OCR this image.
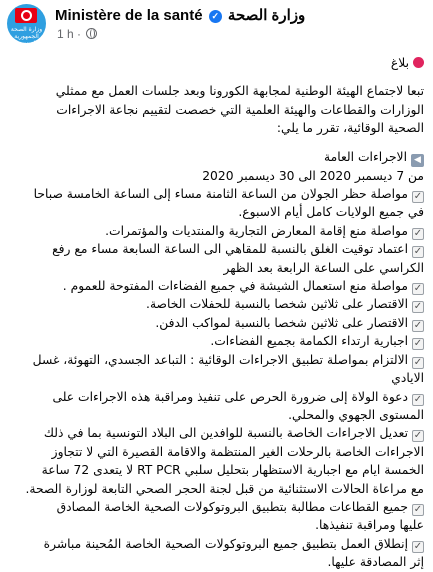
وزارة الصحة
الجمهورية التونسية
Ministère de la santé ✓ وزارة الصحة
1 h ·
بلاغ
تبعا لاجتماع الهيئة الوطنية لمجابهة الكورونا وبعد جلسات العمل مع ممثلي
الوزارات والقطاعات والهيئة العلمية التي خصصت لتقييم نجاعة الاجراءات
الصحية الوقائية، تقرر ما يلي:
◀الاجراءات العامة
من 7 ديسمبر 2020 الى 30 ديسمبر 2020
✓مواصلة حظر الجولان من الساعة الثامنة مساء إلى الساعة الخامسة صباحا
في جميع الولايات كامل أيام الاسبوع.
✓مواصلة منع إقامة المعارض التجارية والمنتديات والمؤتمرات.
✓اعتماد توقيت الغلق بالنسبة للمقاهي الى الساعة السابعة مساء مع رفع
الكراسي على الساعة الرابعة بعد الظهر
✓مواصلة منع استعمال الشيشة في جميع الفضاءات المفتوحة للعموم .
✓الاقتصار على ثلاثين شخصا بالنسبة للحفلات الخاصة.
✓الاقتصار على ثلاثين شخصا بالنسبة لمواكب الدفن.
✓اجبارية ارتداء الكمامة بجميع الفضاءات.
✓الالتزام بمواصلة تطبيق الاجراءات الوقائية : التباعد الجسدي، التهوئة، غسل
الايادي
✓دعوة الولاة إلى ضرورة الحرص على تنفيذ ومراقبة هذه الاجراءات على
المستوى الجهوي والمحلي.
✓تعديل الاجراءات الخاصة بالنسبة للوافدين الى البلاد التونسية بما في ذلك
الاجراءات الخاصة بالرحلات الغير المنتظمة والاقامة القصيرة التي لا تتجاوز
الخمسة ايام مع اجبارية الاستظهار بتحليل سلبي RT PCR لا يتعدى 72 ساعة
مع مراعاة الحالات الاستثنائية من قبل لجنة الحجر الصحي التابعة لوزارة الصحة.
✓جميع القطاعات مطالبة بتطبيق البروتوكولات الصحية الخاصة المصادق
عليها ومراقبة تنفيذها.
✓إنطلاق العمل بتطبيق جميع البروتوكولات الصحية الخاصة المُحينة مباشرة
إثر المصادقة عليها.
